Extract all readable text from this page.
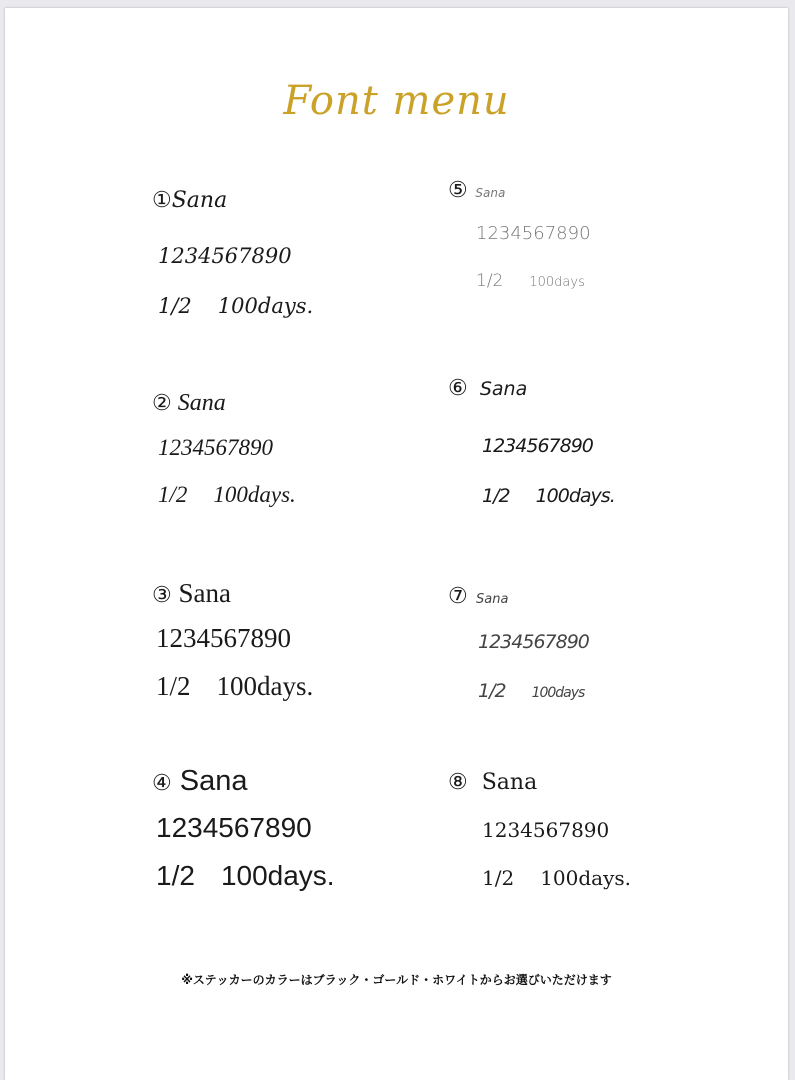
Font menu
①Sana
1234567890
1/2 100days.
② Sana
1234567890
1/2 100days.
③ Sana
1234567890
1/2 100days.
④ Sana
1234567890
1/2 100days.
⑤ Sana
1234567890
1/2 100days
⑥ Sana
1234567890
1/2 100days.
⑦ Sana
1234567890
1/2 100days
⑧ Sana
1234567890
1/2 100days.
※ステッカーのカラーはブラック・ゴールド・ホワイトからお選びいただけます
